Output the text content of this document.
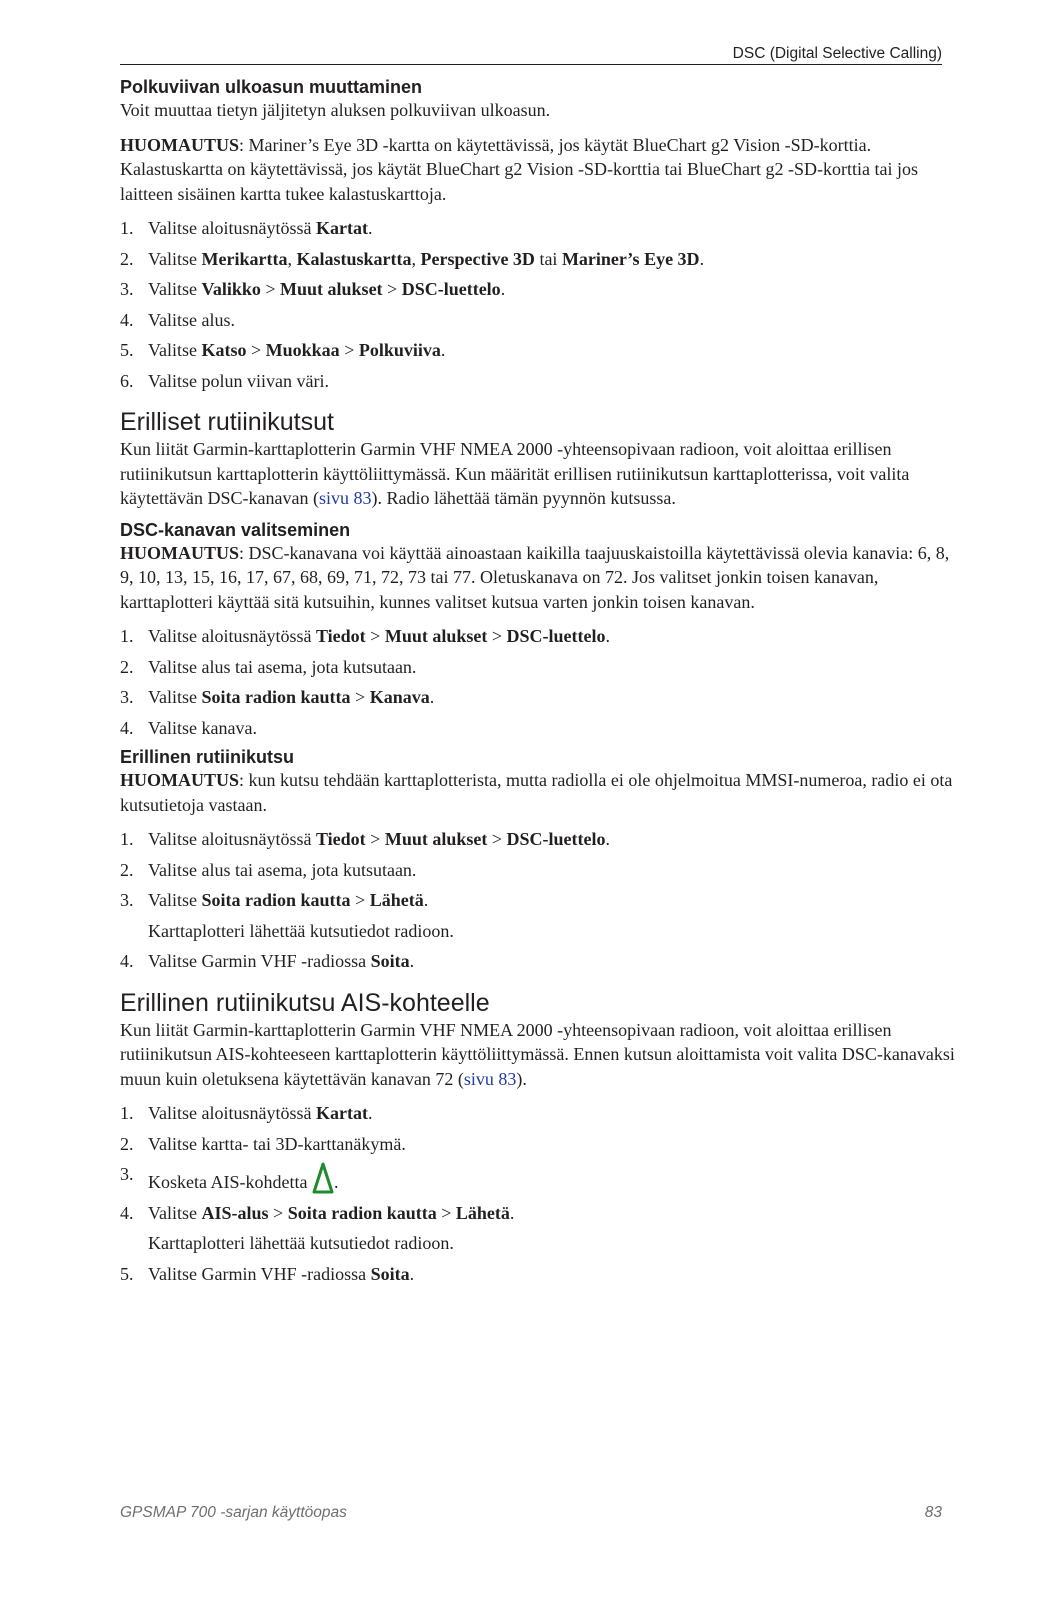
DSC (Digital Selective Calling)
Polkuviivan ulkoasun muuttaminen

Voit muuttaa tietyn jäljitetyn aluksen polkuviivan ulkoasun.

HUOMAUTUS: Mariner’s Eye 3D -kartta on käytettävissä, jos käytät BlueChart g2 Vision -SD-korttia. Kalastuskartta on käytettävissä, jos käytät BlueChart g2 Vision -SD-korttia tai BlueChart g2 -SD-korttia tai jos laitteen sisäinen kartta tukee kalastuskarttoja.

1. Valitse aloitusnäytössä Kartat.
2. Valitse Merikartta, Kalastuskartta, Perspective 3D tai Mariner’s Eye 3D.
3. Valitse Valikko > Muut alukset > DSC-luettelo.
4. Valitse alus.
5. Valitse Katso > Muokkaa > Polkuviiva.
6. Valitse polun viivan väri.
Erilliset rutiinikutsut

Kun liität Garmin-karttaplotterin Garmin VHF NMEA 2000 -yhteensopivaan radioon, voit aloittaa erillisen rutiinikutsun karttaplotterin käyttöliittymässä. Kun määrität erillisen rutiinikutsun karttaplotterissa, voit valita käytettävän DSC-kanavan (sivu 83). Radio lähettää tämän pyynnön kutsussa.

DSC-kanavan valitseminen

HUOMAUTUS: DSC-kanavana voi käyttää ainoastaan kaikilla taajuuskaistoilla käytettävissä olevia kanavia: 6, 8, 9, 10, 13, 15, 16, 17, 67, 68, 69, 71, 72, 73 tai 77. Oletuskanava on 72. Jos valitset jonkin toisen kanavan, karttaplotteri käyttää sitä kutsuihin, kunnes valitset kutsua varten jonkin toisen kanavan.

1. Valitse aloitusnäytössä Tiedot > Muut alukset > DSC-luettelo.
2. Valitse alus tai asema, jota kutsutaan.
3. Valitse Soita radion kautta > Kanava.
4. Valitse kanava.
Erillinen rutiinikutsu

HUOMAUTUS: kun kutsu tehdään karttaplotterista, mutta radiolla ei ole ohjelmoitua MMSI-numeroa, radio ei ota kutsutietoja vastaan.

1. Valitse aloitusnäytössä Tiedot > Muut alukset > DSC-luettelo.
2. Valitse alus tai asema, jota kutsutaan.
3. Valitse Soita radion kautta > Lähetä.
Karttaplotteri lähettää kutsutiedot radioon.
4. Valitse Garmin VHF -radiossa Soita.
Erillinen rutiinikutsu AIS-kohteelle

Kun liität Garmin-karttaplotterin Garmin VHF NMEA 2000 -yhteensopivaan radioon, voit aloittaa erillisen rutiinikutsun AIS-kohteeseen karttaplotterin käyttöliittymässä. Ennen kutsun aloittamista voit valita DSC-kanavaksi muun kuin oletuksena käytettävän kanavan 72 (sivu 83).

1. Valitse aloitusnäytössä Kartat.
2. Valitse kartta- tai 3D-karttanäkymä.
3. Kosketa AIS-kohdetta .
4. Valitse AIS-alus > Soita radion kautta > Lähetä.
Karttaplotteri lähettää kutsutiedot radioon.
5. Valitse Garmin VHF -radiossa Soita.
GPSMAP 700 -sarjan käyttöopas	83
